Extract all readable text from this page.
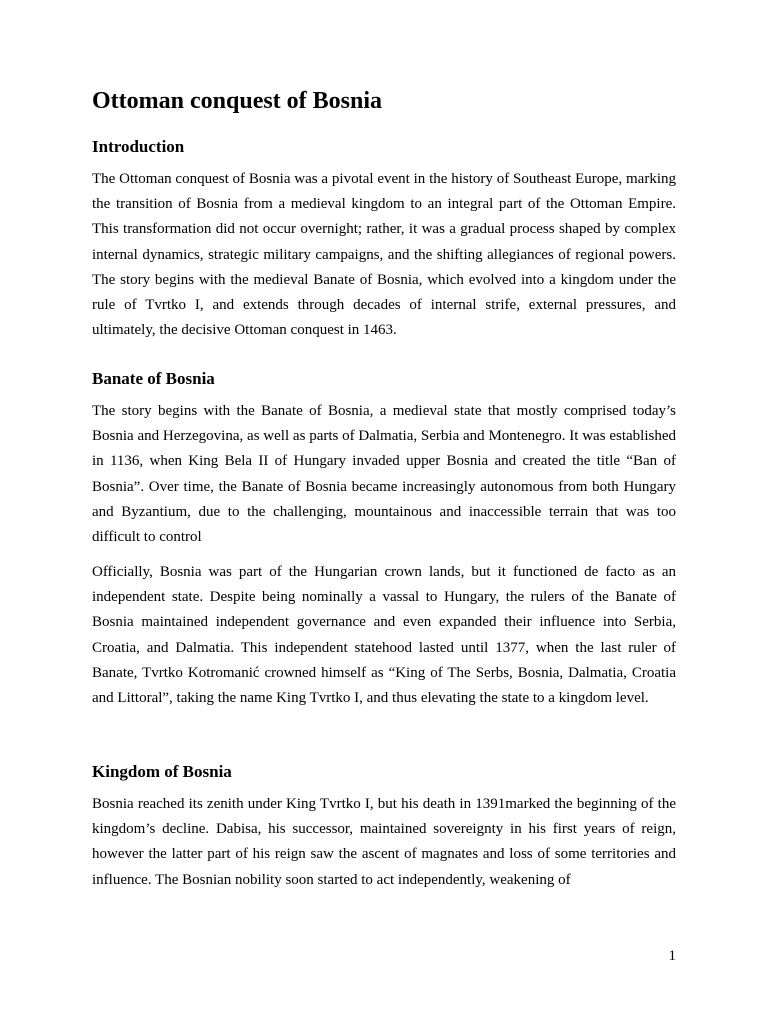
Ottoman conquest of Bosnia
Introduction

The Ottoman conquest of Bosnia was a pivotal event in the history of Southeast Europe, marking the transition of Bosnia from a medieval kingdom to an integral part of the Ottoman Empire. This transformation did not occur overnight; rather, it was a gradual process shaped by complex internal dynamics, strategic military campaigns, and the shifting allegiances of regional powers. The story begins with the medieval Banate of Bosnia, which evolved into a kingdom under the rule of Tvrtko I, and extends through decades of internal strife, external pressures, and ultimately, the decisive Ottoman conquest in 1463.

Banate of Bosnia

The story begins with the Banate of Bosnia, a medieval state that mostly comprised today’s Bosnia and Herzegovina, as well as parts of Dalmatia, Serbia and Montenegro. It was established in 1136, when King Bela II of Hungary invaded upper Bosnia and created the title “Ban of Bosnia”. Over time, the Banate of Bosnia became increasingly autonomous from both Hungary and Byzantium, due to the challenging, mountainous and inaccessible terrain that was too difficult to control

Officially, Bosnia was part of the Hungarian crown lands, but it functioned de facto as an independent state. Despite being nominally a vassal to Hungary, the rulers of the Banate of Bosnia maintained independent governance and even expanded their influence into Serbia, Croatia, and Dalmatia. This independent statehood lasted until 1377, when the last ruler of Banate, Tvrtko Kotromanić crowned himself as “King of The Serbs, Bosnia, Dalmatia, Croatia and Littoral”, taking the name King Tvrtko I, and thus elevating the state to a kingdom level.

Kingdom of Bosnia

Bosnia reached its zenith under King Tvrtko I, but his death in 1391marked the beginning of the kingdom’s decline. Dabisa, his successor, maintained sovereignty in his first years of reign, however the latter part of his reign saw the ascent of magnates and loss of some territories and influence. The Bosnian nobility soon started to act independently, weakening of

1
